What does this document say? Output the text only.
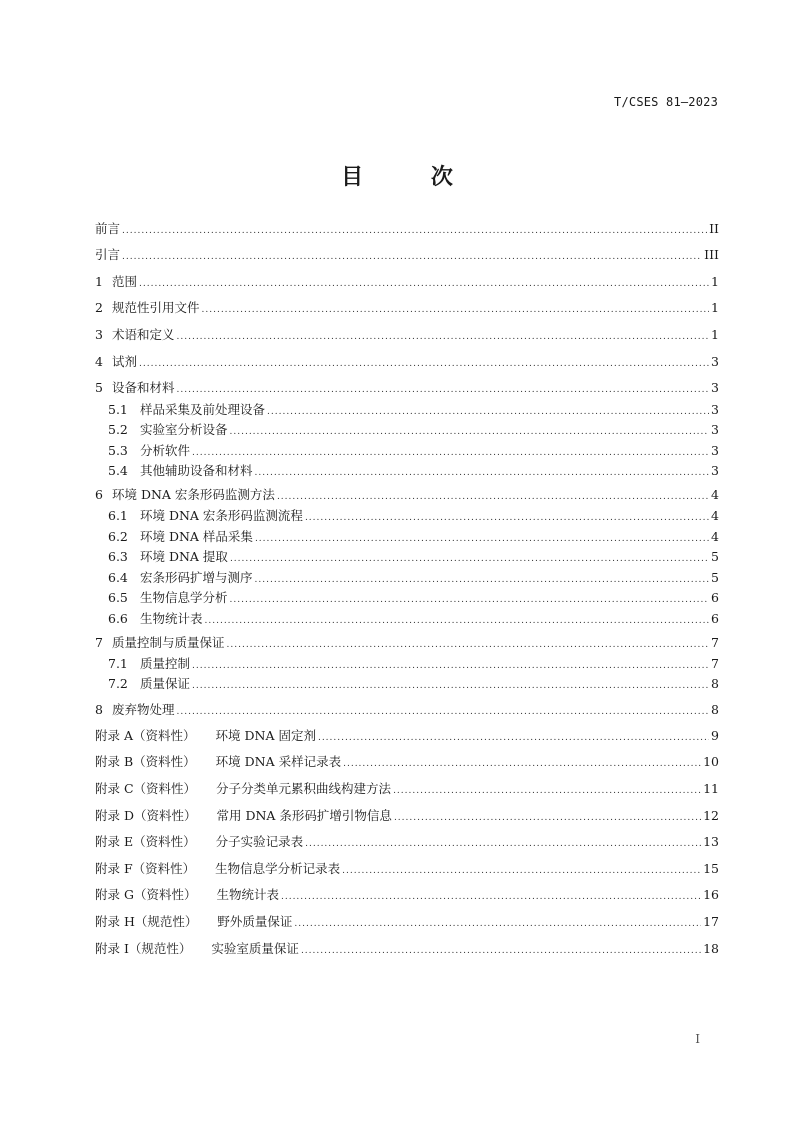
T/CSES 81—2023
目 次
前言 .....	II
引言 .....	III
1 范围 .....	1
2 规范性引用文件 .....	1
3 术语和定义 .....	1
4 试剂 .....	3
5 设备和材料 .....	3
5.1 样品采集及前处理设备 .....	3
5.2 实验室分析设备 .....	3
5.3 分析软件 .....	3
5.4 其他辅助设备和材料 .....	3
6 环境 DNA 宏条形码监测方法 .....	4
6.1 环境 DNA 宏条形码监测流程 .....	4
6.2 环境 DNA 样品采集 .....	4
6.3 环境 DNA 提取 .....	5
6.4 宏条形码扩增与测序 .....	5
6.5 生物信息学分析 .....	6
6.6 生物统计表 .....	6
7 质量控制与质量保证 .....	7
7.1 质量控制 .....	7
7.2 质量保证 .....	8
8 废弃物处理 .....	8
附录 A（资料性） 环境 DNA 固定剂 .....	9
附录 B（资料性） 环境 DNA 采样记录表 .....	10
附录 C（资料性） 分子分类单元累积曲线构建方法 .....	11
附录 D（资料性） 常用 DNA 条形码扩增引物信息 .....	12
附录 E（资料性） 分子实验记录表 .....	13
附录 F（资料性） 生物信息学分析记录表 .....	15
附录 G（资料性） 生物统计表 .....	16
附录 H（规范性） 野外质量保证 .....	17
附录 I（规范性） 实验室质量保证 .....	18
I
